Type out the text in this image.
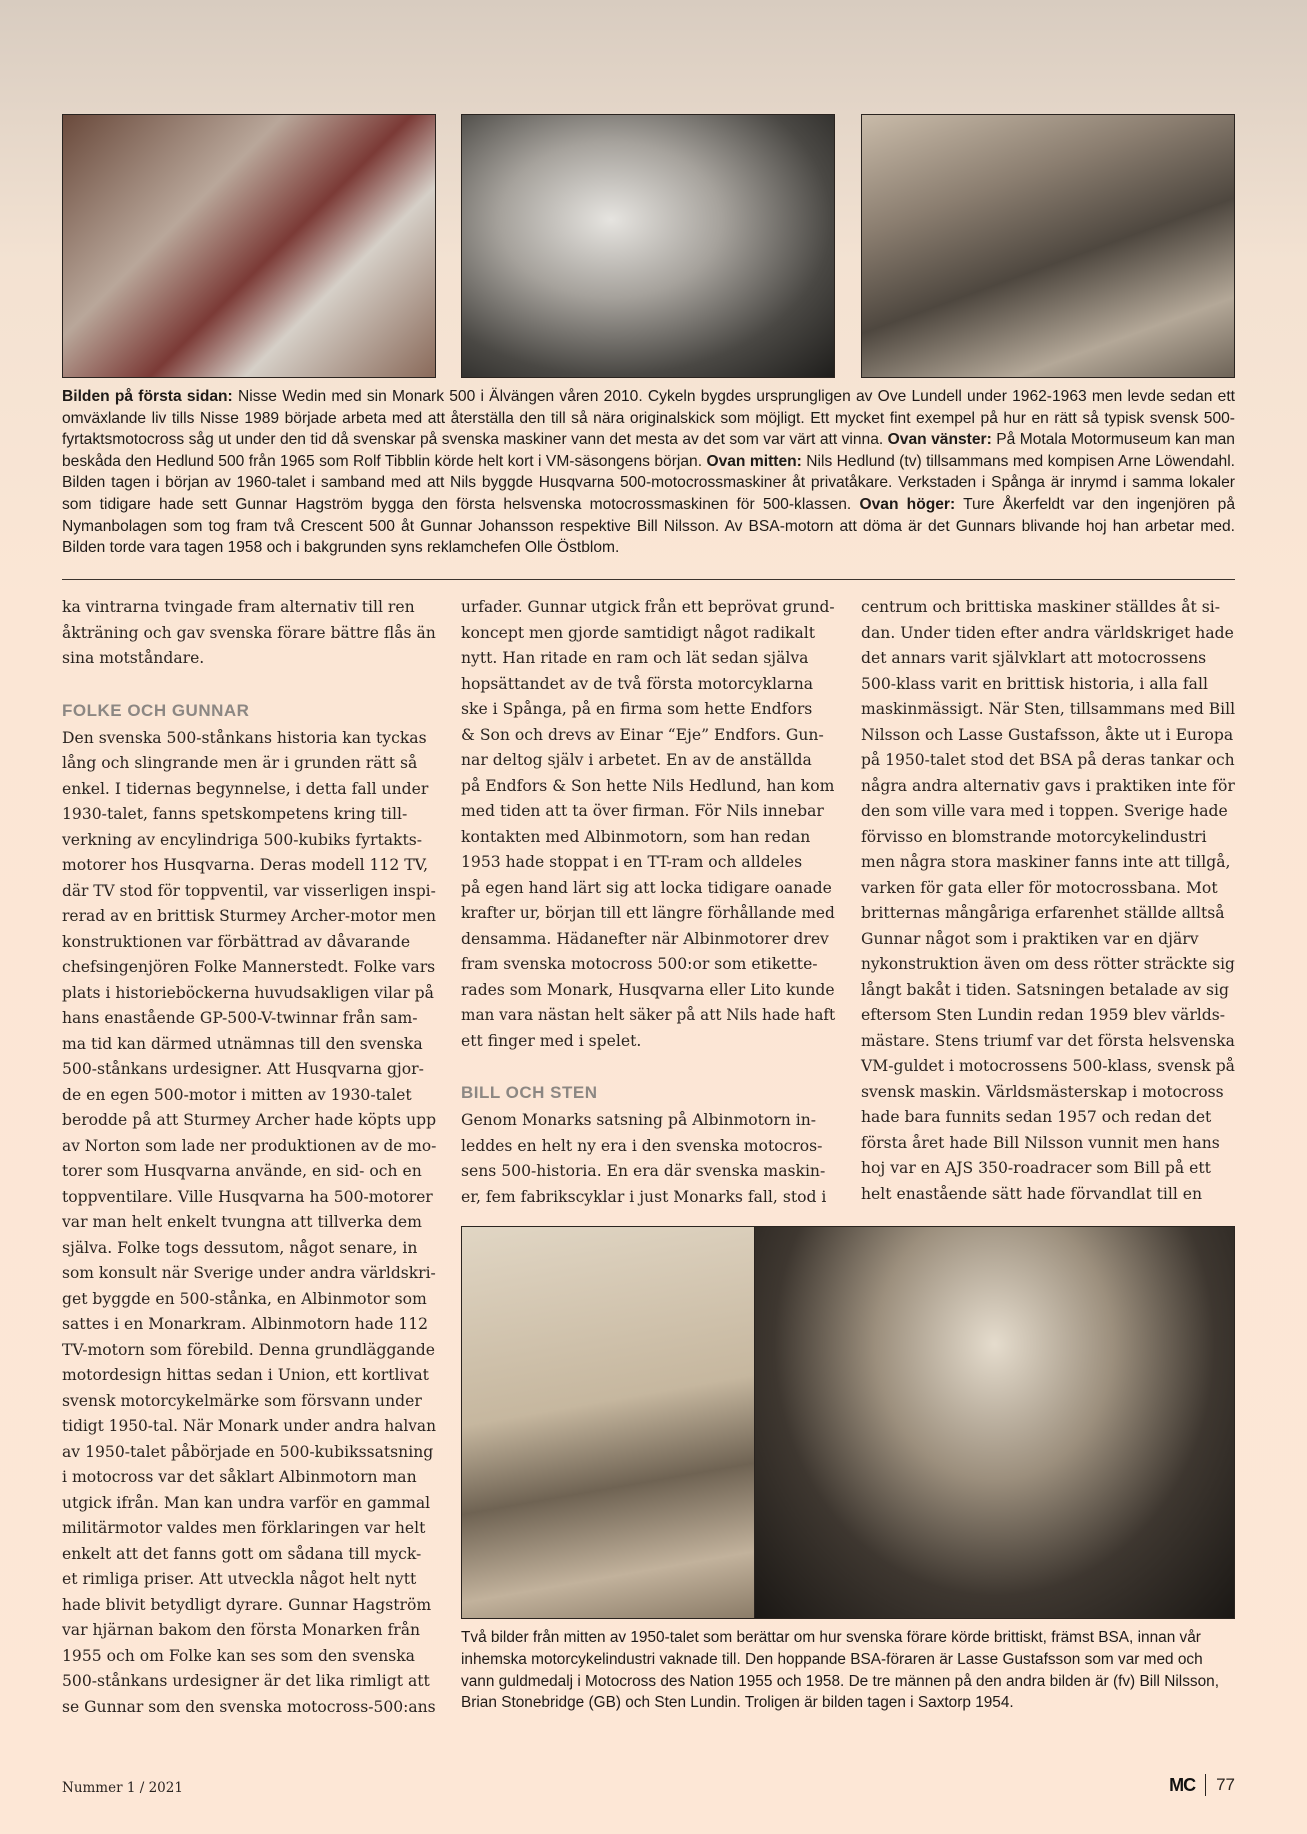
Bilden på första sidan: Nisse Wedin med sin Monark 500 i Älvängen våren 2010. Cykeln bygdes ursprungligen av Ove Lundell under 1962-1963 men levde sedan ett omväxlande liv tills Nisse 1989 började arbeta med att återställa den till så nära originalskick som möjligt. Ett mycket fint exempel på hur en rätt så typisk svensk 500-fyrtaktsmotocross såg ut under den tid då svenskar på svenska maskiner vann det mesta av det som var värt att vinna. Ovan vänster: På Motala Motormuseum kan man beskåda den Hedlund 500 från 1965 som Rolf Tibblin körde helt kort i VM-säsongens början. Ovan mitten: Nils Hedlund (tv) tillsammans med kompisen Arne Löwendahl. Bilden tagen i början av 1960-talet i samband med att Nils byggde Husqvarna 500-motocrossmaskiner åt privatåkare. Verkstaden i Spånga är inrymd i samma lokaler som tidigare hade sett Gunnar Hagström bygga den första helsvenska motocrossmaskinen för 500-klassen. Ovan höger: Ture Åkerfeldt var den ingenjören på Nymanbolagen som tog fram två Crescent 500 åt Gunnar Johansson respektive Bill Nilsson. Av BSA-motorn att döma är det Gunnars blivande hoj han arbetar med. Bilden torde vara tagen 1958 och i bakgrunden syns reklamchefen Olle Östblom.

ka vintrarna tvingade fram alternativ till ren

åkträning och gav svenska förare bättre flås än

sina motståndare.

FOLKE OCH GUNNAR

Den svenska 500-stånkans historia kan tyckas

lång och slingrande men är i grunden rätt så

enkel. I tidernas begynnelse, i detta fall under

1930-talet, fanns spetskompetens kring till-

verkning av encylindriga 500-kubiks fyrtakts-

motorer hos Husqvarna. Deras modell 112 TV,

där TV stod för toppventil, var visserligen inspi-

rerad av en brittisk Sturmey Archer-motor men

konstruktionen var förbättrad av dåvarande

chefsingenjören Folke Mannerstedt. Folke vars

plats i historieböckerna huvudsakligen vilar på

hans enastående GP-500-V-twinnar från sam-

ma tid kan därmed utnämnas till den svenska

500-stånkans urdesigner. Att Husqvarna gjor-

de en egen 500-motor i mitten av 1930-talet

berodde på att Sturmey Archer hade köpts upp

av Norton som lade ner produktionen av de mo-

torer som Husqvarna använde, en sid- och en

toppventilare. Ville Husqvarna ha 500-motorer

var man helt enkelt tvungna att tillverka dem

själva. Folke togs dessutom, något senare, in

som konsult när Sverige under andra världskri-

get byggde en 500-stånka, en Albinmotor som

sattes i en Monarkram. Albinmotorn hade 112

TV-motorn som förebild. Denna grundläggande

motordesign hittas sedan i Union, ett kortlivat

svensk motorcykelmärke som försvann under

tidigt 1950-tal. När Monark under andra halvan

av 1950-talet påbörjade en 500-kubikssatsning

i motocross var det såklart Albinmotorn man

utgick ifrån. Man kan undra varför en gammal

militärmotor valdes men förklaringen var helt

enkelt att det fanns gott om sådana till myck-

et rimliga priser. Att utveckla något helt nytt

hade blivit betydligt dyrare. Gunnar Hagström

var hjärnan bakom den första Monarken från

1955 och om Folke kan ses som den svenska

500-stånkans urdesigner är det lika rimligt att

se Gunnar som den svenska motocross-500:ans

urfader. Gunnar utgick från ett beprövat grund-

koncept men gjorde samtidigt något radikalt

nytt. Han ritade en ram och lät sedan själva

hopsättandet av de två första motorcyklarna

ske i Spånga, på en firma som hette Endfors

& Son och drevs av Einar “Eje” Endfors. Gun-

nar deltog själv i arbetet. En av de anställda

på Endfors & Son hette Nils Hedlund, han kom

med tiden att ta över firman. För Nils innebar

kontakten med Albinmotorn, som han redan

1953 hade stoppat i en TT-ram och alldeles

på egen hand lärt sig att locka tidigare oanade

krafter ur, början till ett längre förhållande med

densamma. Hädanefter när Albinmotorer drev

fram svenska motocross 500:or som etikette-

rades som Monark, Husqvarna eller Lito kunde

man vara nästan helt säker på att Nils hade haft

ett finger med i spelet.

BILL OCH STEN

Genom Monarks satsning på Albinmotorn in-

leddes en helt ny era i den svenska motocros-

sens 500-historia. En era där svenska maskin-

er, fem fabrikscyklar i just Monarks fall, stod i

centrum och brittiska maskiner ställdes åt si-

dan. Under tiden efter andra världskriget hade

det annars varit självklart att motocrossens

500-klass varit en brittisk historia, i alla fall

maskinmässigt. När Sten, tillsammans med Bill

Nilsson och Lasse Gustafsson, åkte ut i Europa

på 1950-talet stod det BSA på deras tankar och

några andra alternativ gavs i praktiken inte för

den som ville vara med i toppen. Sverige hade

förvisso en blomstrande motorcykelindustri

men några stora maskiner fanns inte att tillgå,

varken för gata eller för motocrossbana. Mot

britternas mångåriga erfarenhet ställde alltså

Gunnar något som i praktiken var en djärv

nykonstruktion även om dess rötter sträckte sig

långt bakåt i tiden. Satsningen betalade av sig

eftersom Sten Lundin redan 1959 blev världs-

mästare. Stens triumf var det första helsvenska

VM-guldet i motocrossens 500-klass, svensk på

svensk maskin. Världsmästerskap i motocross

hade bara funnits sedan 1957 och redan det

första året hade Bill Nilsson vunnit men hans

hoj var en AJS 350-roadracer som Bill på ett

helt enastående sätt hade förvandlat till en

Två bilder från mitten av 1950-talet som berättar om hur svenska förare körde brittiskt, främst BSA, innan vår inhemska motorcykelindustri vaknade till. Den hoppande BSA-föraren är Lasse Gustafsson som var med och vann guldmedalj i Motocross des Nation 1955 och 1958. De tre männen på den andra bilden är (fv) Bill Nilsson, Brian Stonebridge (GB) och Sten Lundin. Troligen är bilden tagen i Saxtorp 1954.
Nummer 1 / 2021	MC 77
